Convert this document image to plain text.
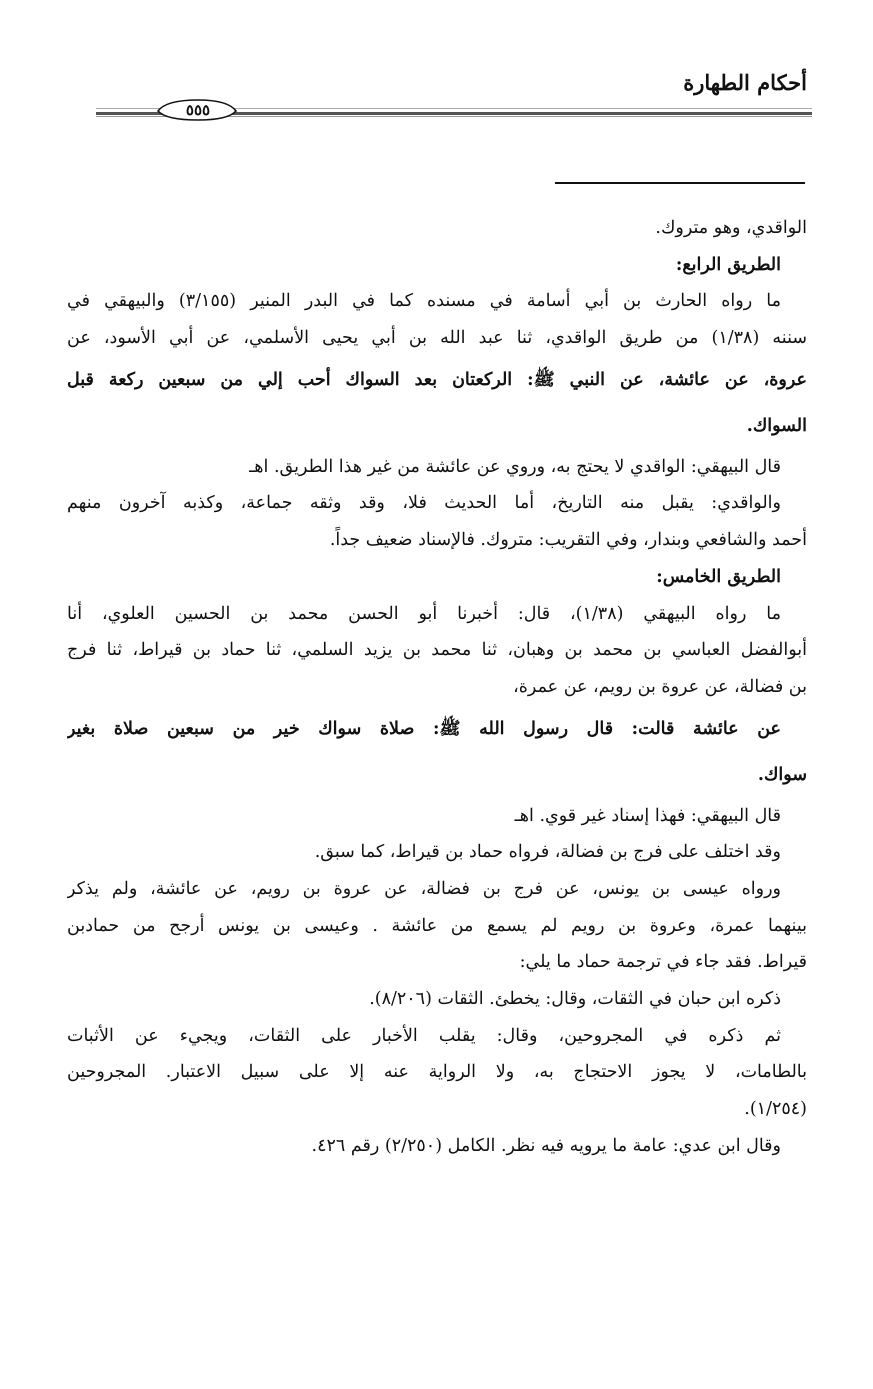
أحكام الطهارة
٥٥٥
الواقدي، وهو متروك.
الطريق الرابع:
ما رواه الحارث بن أبي أسامة في مسنده كما في البدر المنير (٣/١٥٥) والبيهقي في
سننه (١/٣٨) من طريق الواقدي، ثنا عبد الله بن أبي يحيى الأسلمي، عن أبي الأسود، عن
عروة، عن عائشة، عن النبي ﷺ: الركعتان بعد السواك أحب إلي من سبعين ركعة قبل
السواك.
قال البيهقي: الواقدي لا يحتج به، وروي عن عائشة من غير هذا الطريق. اهـ
والواقدي: يقبل منه التاريخ، أما الحديث فلا، وقد وثقه جماعة، وكذبه آخرون منهم
أحمد والشافعي وبندار، وفي التقريب: متروك. فالإسناد ضعيف جداً.
الطريق الخامس:
ما رواه البيهقي (١/٣٨)، قال: أخبرنا أبو الحسن محمد بن الحسين العلوي، أنا
أبوالفضل العباسي بن محمد بن وهبان، ثنا محمد بن يزيد السلمي، ثنا حماد بن قيراط، ثنا فرج
بن فضالة، عن عروة بن رويم، عن عمرة،
عن عائشة قالت: قال رسول الله ﷺ: صلاة سواك خير من سبعين صلاة بغير
سواك.
قال البيهقي: فهذا إسناد غير قوي. اهـ
وقد اختلف على فرج بن فضالة، فرواه حماد بن قيراط، كما سبق.
ورواه عيسى بن يونس، عن فرج بن فضالة، عن عروة بن رويم، عن عائشة، ولم يذكر
بينهما عمرة، وعروة بن رويم لم يسمع من عائشة . وعيسى بن يونس أرجح من حمادبن
قيراط. فقد جاء في ترجمة حماد ما يلي:
ذكره ابن حبان في الثقات، وقال: يخطئ. الثقات (٨/٢٠٦).
ثم ذكره في المجروحين، وقال: يقلب الأخبار على الثقات، ويجيء عن الأثبات
بالطامات، لا يجوز الاحتجاج به، ولا الرواية عنه إلا على سبيل الاعتبار. المجروحين
(١/٢٥٤).
وقال ابن عدي: عامة ما يرويه فيه نظر. الكامل (٢/٢٥٠) رقم ٤٢٦.
